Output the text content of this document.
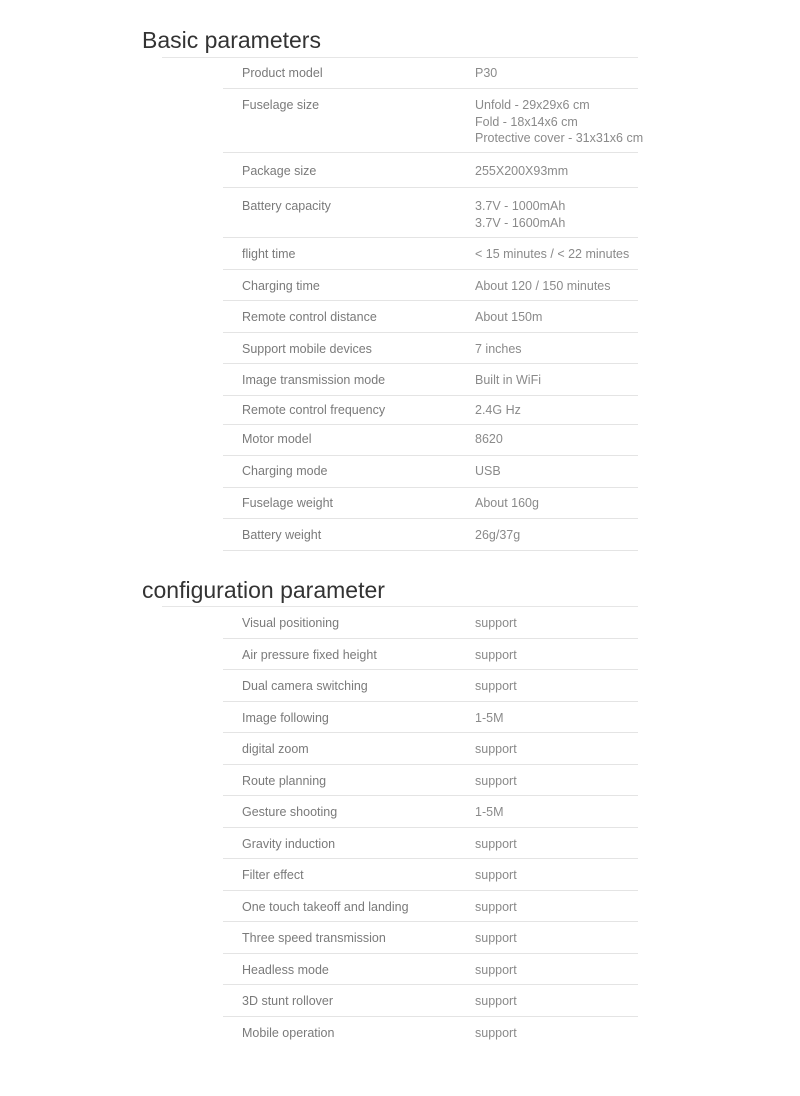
Basic parameters
Product model	P30
Fuselage size	Unfold - 29x29x6 cm
Fold - 18x14x6 cm
Protective cover - 31x31x6 cm
Package size	255X200X93mm
Battery capacity	3.7V - 1000mAh
3.7V - 1600mAh
flight time	< 15 minutes / < 22 minutes
Charging time	About 120 / 150 minutes
Remote control distance	About 150m
Support mobile devices	7 inches
Image transmission mode	Built in WiFi
Remote control frequency	2.4G Hz
Motor model	8620
Charging mode	USB
Fuselage weight	About 160g
Battery weight	26g/37g
configuration parameter
Visual positioning	support
Air pressure fixed height	support
Dual camera switching	support
Image following	1-5M
digital zoom	support
Route planning	support
Gesture shooting	1-5M
Gravity induction	support
Filter effect	support
One touch takeoff and landing	support
Three speed transmission	support
Headless mode	support
3D stunt rollover	support
Mobile operation	support
